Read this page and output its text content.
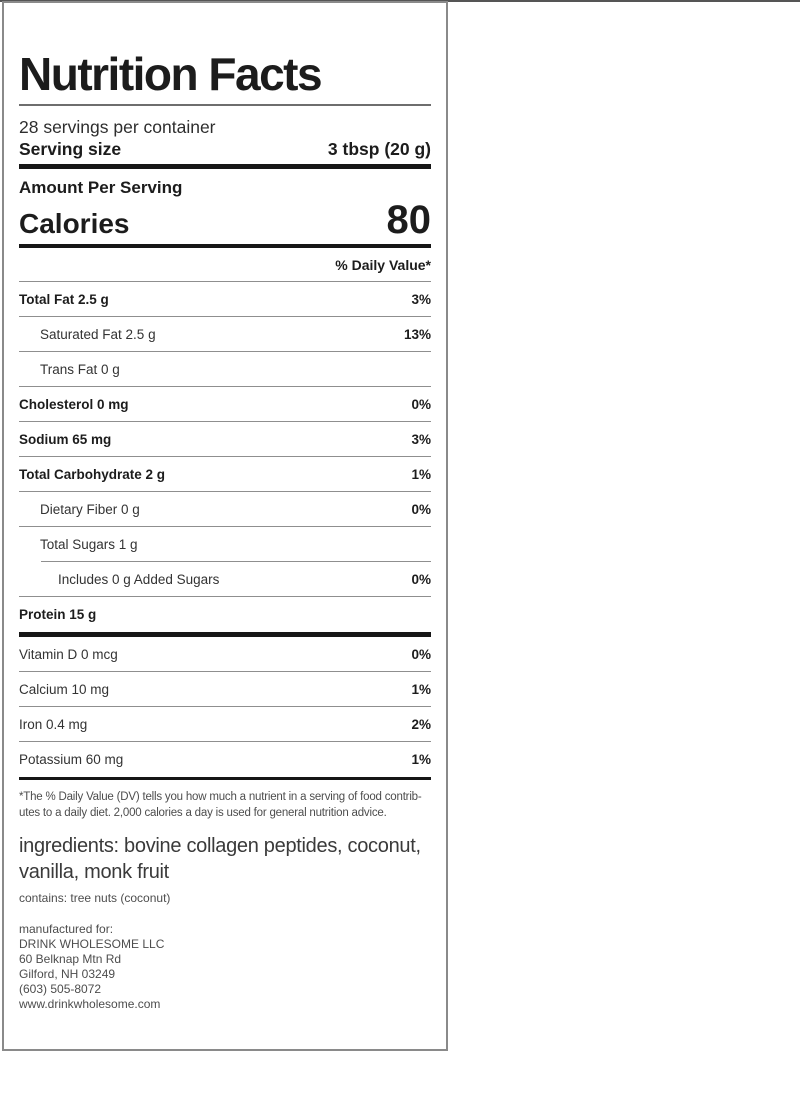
Nutrition Facts
28 servings per container
Serving size	3 tbsp (20 g)
Amount Per Serving
Calories	80
% Daily Value*
Total Fat 2.5 g	3%
Saturated Fat 2.5 g	13%
Trans Fat 0 g
Cholesterol 0 mg	0%
Sodium 65 mg	3%
Total Carbohydrate 2 g	1%
Dietary Fiber 0 g	0%
Total Sugars 1 g
Includes 0 g Added Sugars	0%
Protein 15 g
Vitamin D 0 mcg	0%
Calcium 10 mg	1%
Iron 0.4 mg	2%
Potassium 60 mg	1%
*The % Daily Value (DV) tells you how much a nutrient in a serving of food contrib-
utes to a daily diet. 2,000 calories a day is used for general nutrition advice.
ingredients: bovine collagen peptides, coconut, vanilla, monk fruit
contains: tree nuts (coconut)
manufactured for:
DRINK WHOLESOME LLC
60 Belknap Mtn Rd
Gilford, NH 03249
(603) 505-8072
www.drinkwholesome.com
